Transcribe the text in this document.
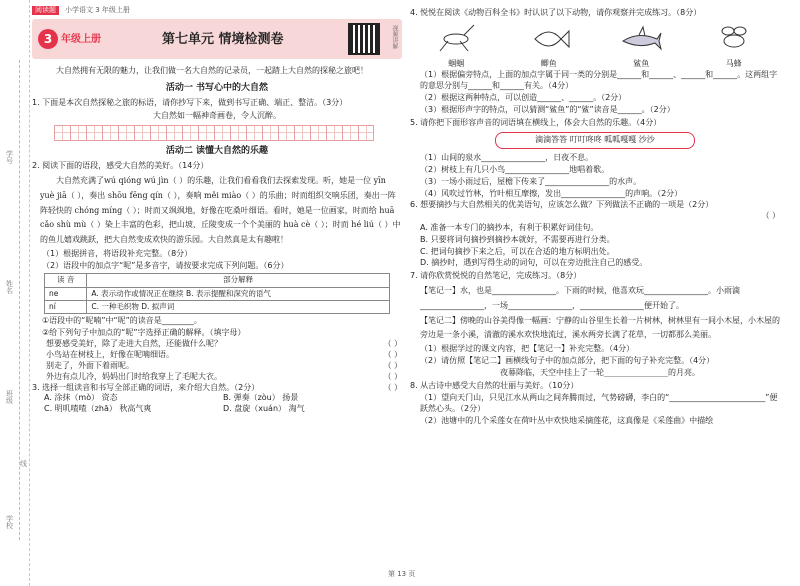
学号
姓名
班级
学校
线
阅读题	小学语文 3 年级上册
3 年级上册	第七单元 情境检测卷	视频讲解

大自然拥有无限的魅力，让我们做一名大自然的记录员，一起踏上大自然的探秘之旅吧！

活动一 书写心中的大自然

1. 下面是本次自然探秘之旅的标语，请你抄写下来，做到书写正确、端正、整洁。（3分）

大自然如一幅神奇画卷，令人沉醉。

活动二 读懂大自然的乐趣

2. 阅读下面的语段，感受大自然的美好。（14分）

大自然充满了wú qióng wú jìn（ ）的乐趣，让我们看看我们去探索发现。听，她是一位 yīn yuè jiā（ ），奏出 shōu fēng qín（ ），奏响 měi miào（ ）的乐曲；时而组织交响乐团，奏出一阵阵轻快的 chóng míng（ ）；时而又飒飒地，好像在吃桑叶细语。看时，她是一位画家，时而给 huā cǎo shù mù（ ）染上丰富的色彩，把山坡、丘陵变成一个个美丽的 huà cè（ ）；时而 hé liú（ ）中的鱼儿嬉戏跳跃，把大自然变成欢快的游乐园。大自然真是太有趣啦！

（1）根据拼音，将语段补充完整。（8分）

（2）语段中的加点字“呢”是多音字，请按要求完成下列问题。（6分）

读 音	部分解释
ne	A. 表示动作或情况正在继续 B. 表示提醒和深究的语气
ní	C. 一种毛织物 D. 拟声词

①语段中的“呢喃”中“呢”的读音是________。

②给下列句子中加点的“呢”字选择正确的解释。（填字母）

想要感受美好，除了走进大自然，还能做什么呢？	（ ）
小鸟站在树枝上，好像在呢喃细语。	（ ）
别走了，外面下着雨呢。	（ ）
外边有点儿冷，妈妈出门时给我穿上了毛呢大衣。	（ ）
3. 选择一组读音和书写全部正确的词语，来介绍大自然。（2分）	（ ）
A. 涂抹（mò） 资态	B. 弹奏（zòu） 扬景
C. 明叽喳喳（zhā） 秋高气爽	D. 盘旋（xuán） 淘气

4. 悦悦在阅读《动物百科全书》时认识了以下动物，请你观察并完成练习。（8分）

蝈蝈	鲫鱼	鲨鱼	马蜂

（1）根据偏旁特点，上面的加点字属于同一类的分别是______和______、______和______。这两组字的意思分别与______和______有关。（4分）

（2）根据这两种特点，可以创造______、______。（2分）

（3）根据形声字的特点，可以猜测“鲨鱼”的“鲨”读音是______。（2分）

5. 请你把下面形容声音的词语填在横线上，体会大自然的乐趣。（4分）

滴滴答答 叮叮咚咚 呱呱嘎嘎 沙沙

（1）山间的泉水________________，日夜不息。

（2）树枝上有几只小鸟________________地唱着歌。

（3）一场小雨过后，屋檐下传来了________________的水声。

（4）风吹过竹林，竹叶相互摩擦，发出________________的声响。（2分）

6. 想要摘抄与大自然相关的优美语句，应该怎么做？下列做法不正确的一项是（2分）
（ ）

A. 准备一本专门的摘抄本，有利于积累好词佳句。

B. 只要将词句摘抄到摘抄本就好，不需要再进行分类。

C. 把词句摘抄下来之后，可以在合适的地方标明出处。

D. 摘抄时，遇到写得生动的词句，可以在旁边批注自己的感受。

7. 请你欣赏悦悦的自然笔记，完成练习。（8分）

【笔记一】水，也是________________。下雨的时候，他喜欢玩________________。小雨滴________________，一场________________，________________便开始了。

【笔记二】傍晚的山谷美得像一幅画：宁静的山谷里生长着一片树林，树林里有一间小木屋，小木屋的旁边是一条小溪，清澈的溪水欢快地流过，溪水两旁长满了花草，一切都那么美丽。

（1）根据学过的课文内容，把【笔记一】补充完整。（4分）

（2）请仿照【笔记二】画横线句子中的加点部分，把下面的句子补充完整。（4分）

夜幕降临，天空中挂上了一轮________________的月亮。

8. 从古诗中感受大自然的壮丽与美好。（10分）

（1）望向天门山，只见江水从两山之间奔腾而过，气势磅礴，李白的“________________________”便跃然心头。（2分）

（2）池塘中的几个采莲女在荷叶丛中欢快地采摘莲花，这真像是《采莲曲》中描绘

第 13 页
